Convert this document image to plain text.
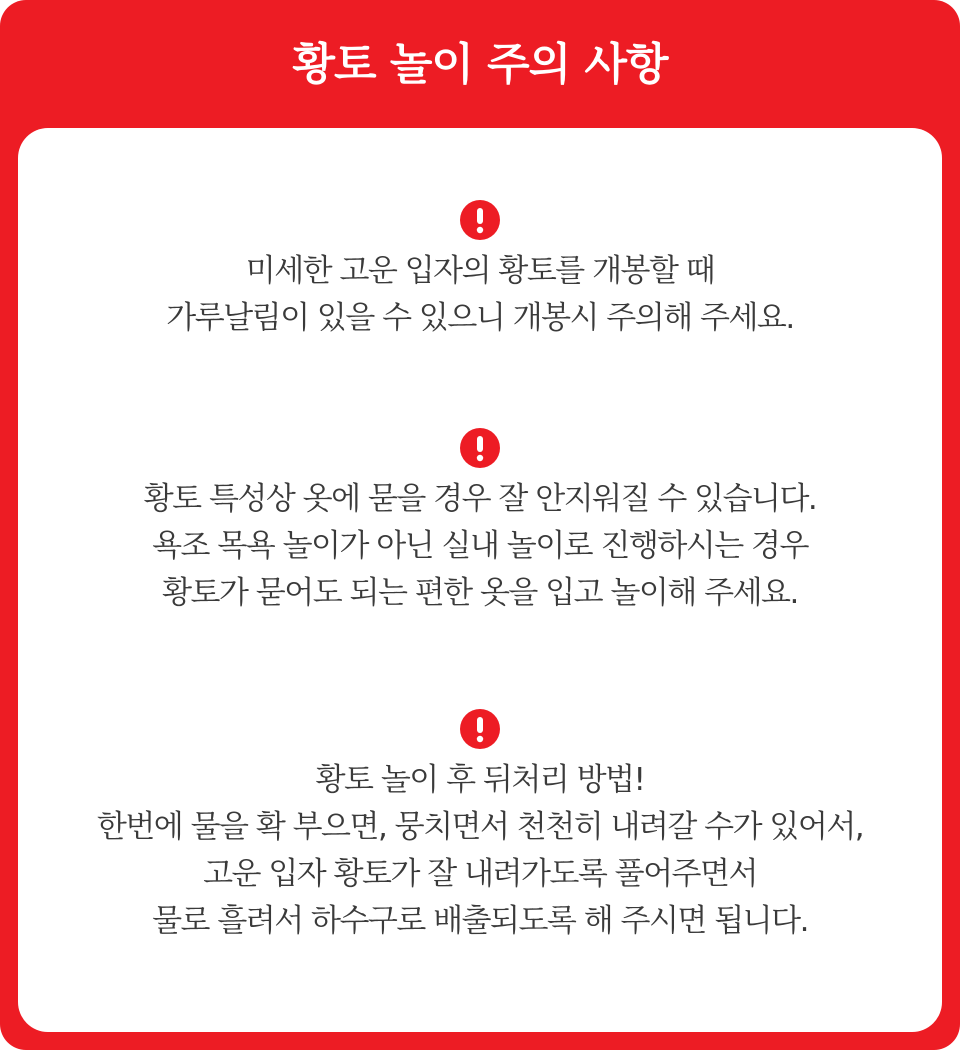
황토 놀이 주의 사항
미세한 고운 입자의 황토를 개봉할 때
가루날림이 있을 수 있으니 개봉시 주의해 주세요.
황토 특성상 옷에 묻을 경우 잘 안지워질 수 있습니다.
욕조 목욕 놀이가 아닌 실내 놀이로 진행하시는 경우
황토가 묻어도 되는 편한 옷을 입고 놀이해 주세요.
황토 놀이 후 뒤처리 방법!
한번에 물을 확 부으면, 뭉치면서 천천히 내려갈 수가 있어서,
고운 입자 황토가 잘 내려가도록 풀어주면서
물로 흘려서 하수구로 배출되도록 해 주시면 됩니다.
